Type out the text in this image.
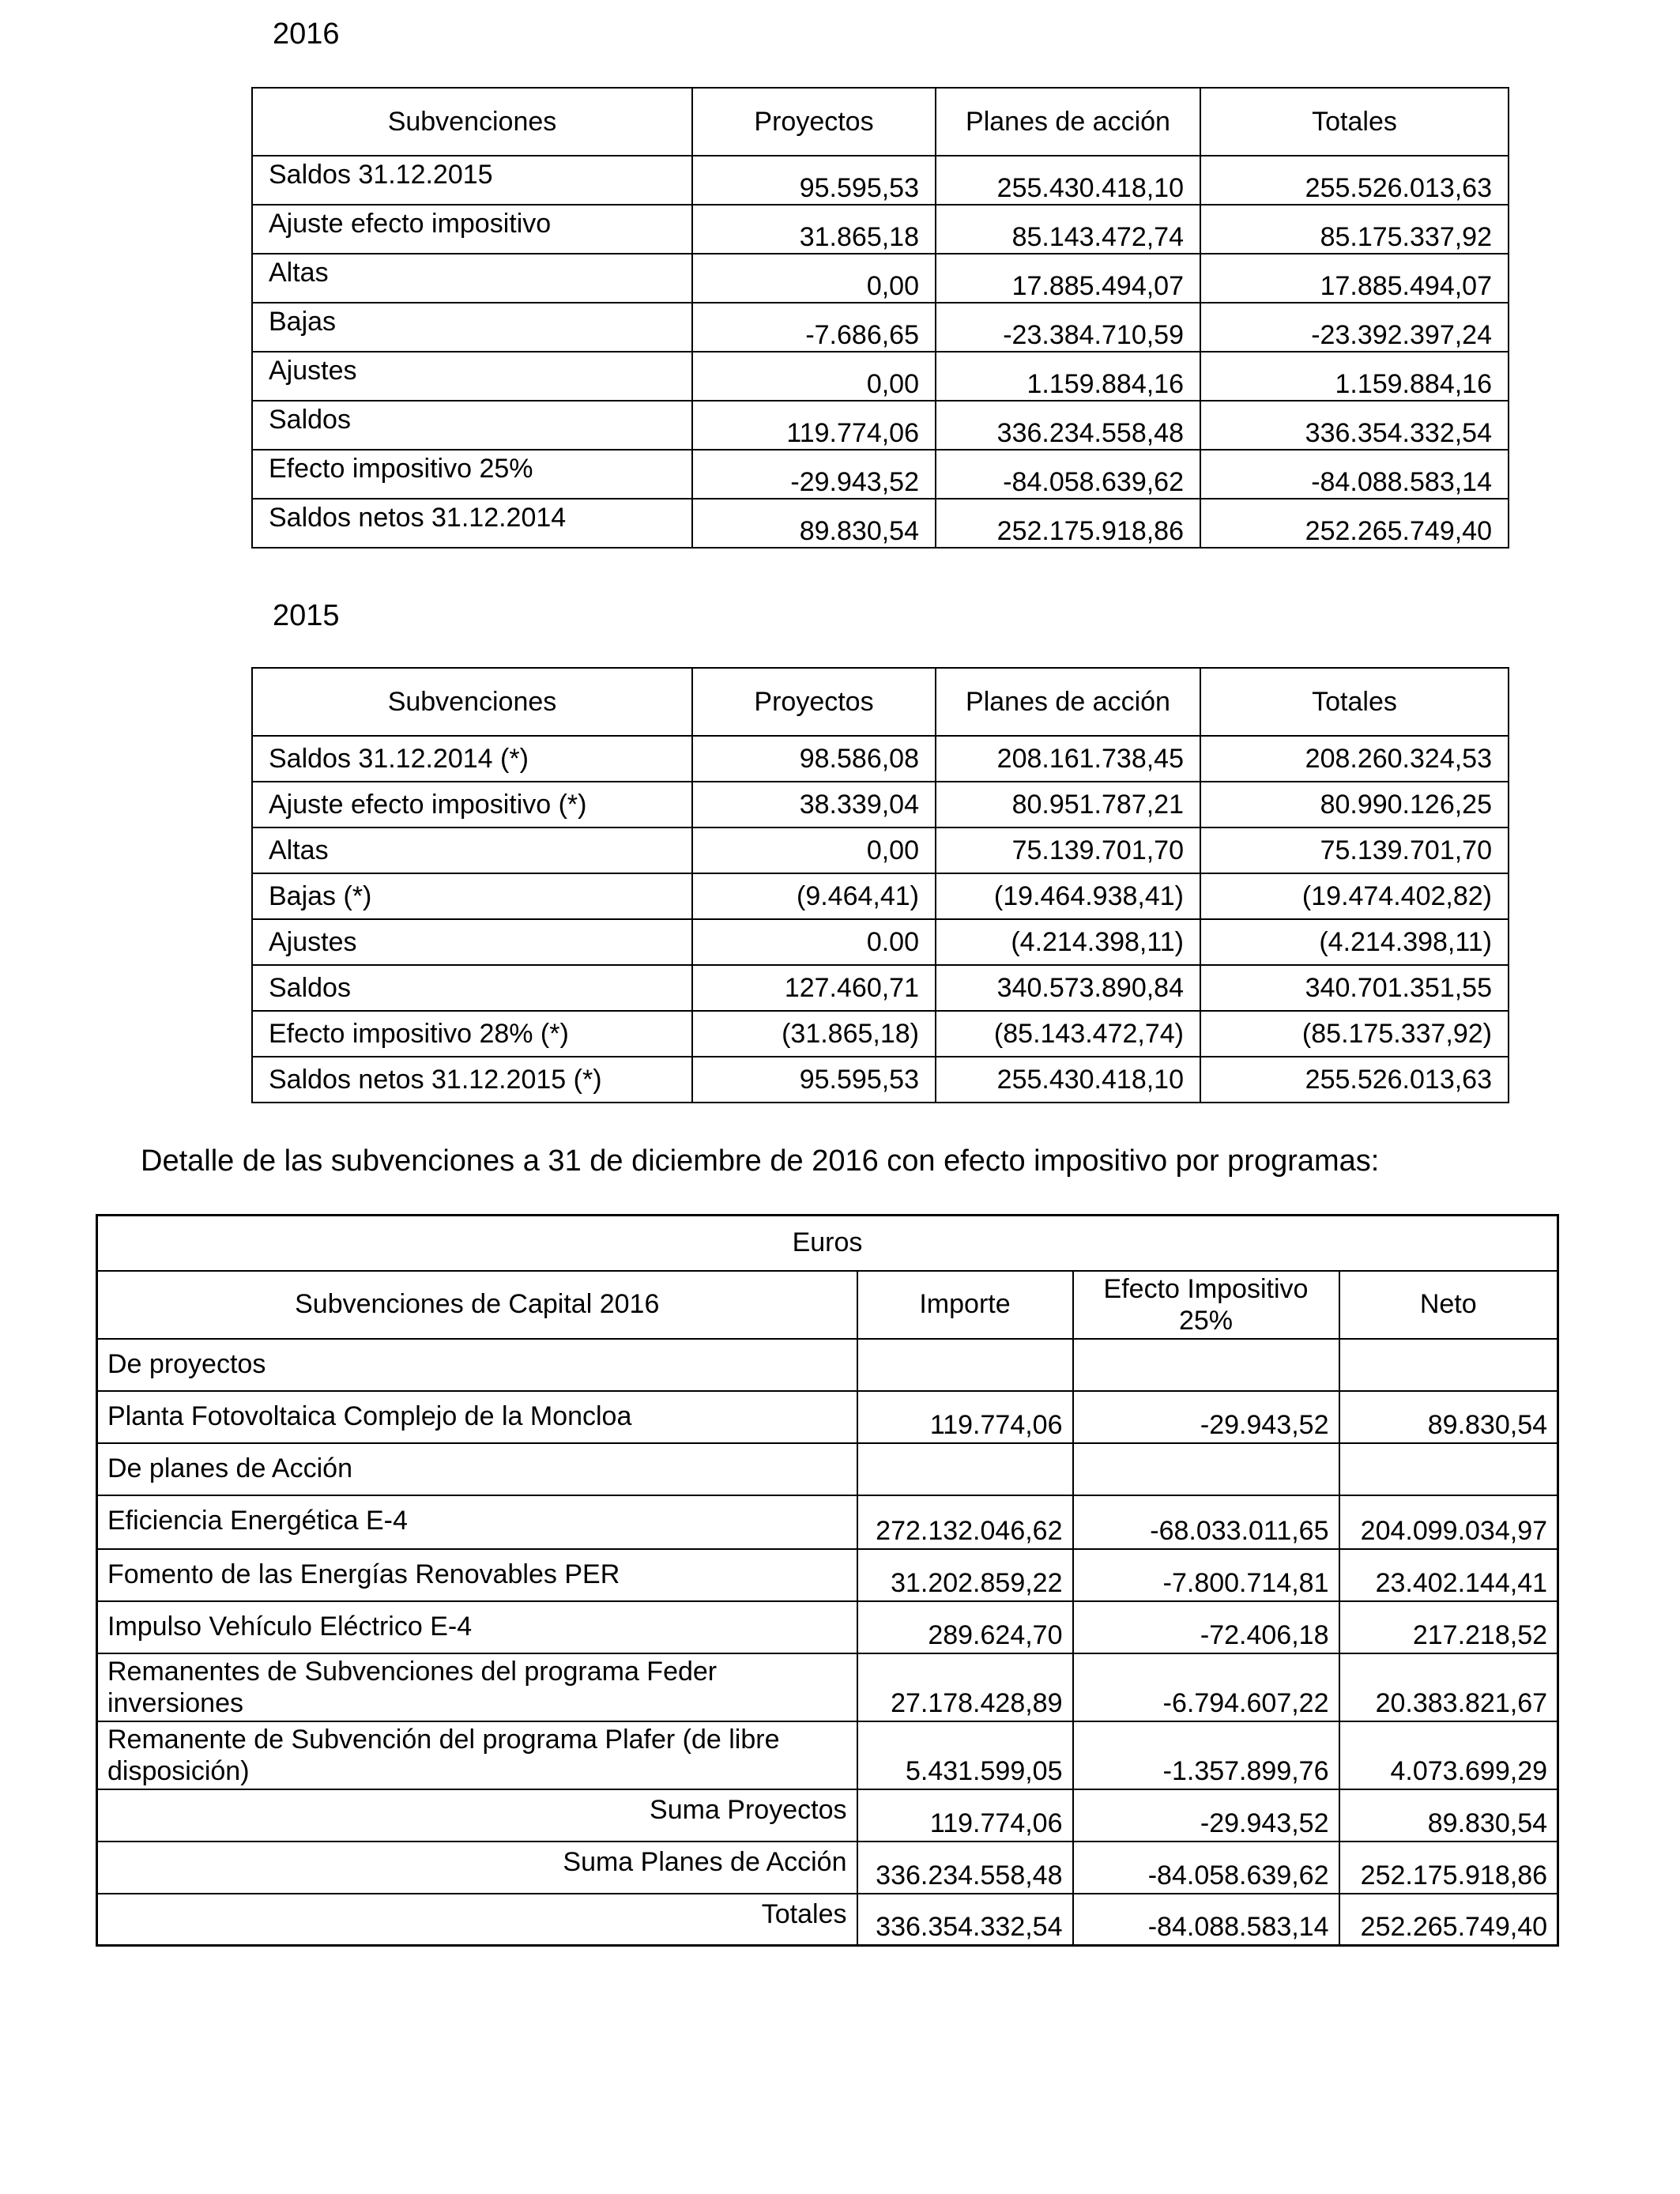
2016
Subvenciones	Proyectos	Planes de acción	Totales
Saldos 31.12.2015	95.595,53	255.430.418,10	255.526.013,63
Ajuste efecto impositivo	31.865,18	85.143.472,74	85.175.337,92
Altas	0,00	17.885.494,07	17.885.494,07
Bajas	-7.686,65	-23.384.710,59	-23.392.397,24
Ajustes	0,00	1.159.884,16	1.159.884,16
Saldos	119.774,06	336.234.558,48	336.354.332,54
Efecto impositivo 25%	-29.943,52	-84.058.639,62	-84.088.583,14
Saldos netos 31.12.2014	89.830,54	252.175.918,86	252.265.749,40
2015
Subvenciones	Proyectos	Planes de acción	Totales
Saldos 31.12.2014 (*)	98.586,08	208.161.738,45	208.260.324,53
Ajuste efecto impositivo (*)	38.339,04	80.951.787,21	80.990.126,25
Altas	0,00	75.139.701,70	75.139.701,70
Bajas (*)	(9.464,41)	(19.464.938,41)	(19.474.402,82)
Ajustes	0.00	(4.214.398,11)	(4.214.398,11)
Saldos	127.460,71	340.573.890,84	340.701.351,55
Efecto impositivo 28% (*)	(31.865,18)	(85.143.472,74)	(85.175.337,92)
Saldos netos 31.12.2015 (*)	95.595,53	255.430.418,10	255.526.013,63
Detalle de las subvenciones a 31 de diciembre de 2016 con efecto impositivo por programas:
Euros			
Subvenciones de Capital 2016	Importe	Efecto Impositivo 25%	Neto
De proyectos			
Planta Fotovoltaica Complejo de la Moncloa	119.774,06	-29.943,52	89.830,54
De planes de Acción			
Eficiencia Energética E-4	272.132.046,62	-68.033.011,65	204.099.034,97
Fomento de las Energías Renovables PER	31.202.859,22	-7.800.714,81	23.402.144,41
Impulso Vehículo Eléctrico E-4	289.624,70	-72.406,18	217.218,52
Remanentes de Subvenciones del programa Feder inversiones	27.178.428,89	-6.794.607,22	20.383.821,67
Remanente de Subvención del programa Plafer (de libre disposición)	5.431.599,05	-1.357.899,76	4.073.699,29
Suma Proyectos	119.774,06	-29.943,52	89.830,54
Suma Planes de Acción	336.234.558,48	-84.058.639,62	252.175.918,86
Totales	336.354.332,54	-84.088.583,14	252.265.749,40
